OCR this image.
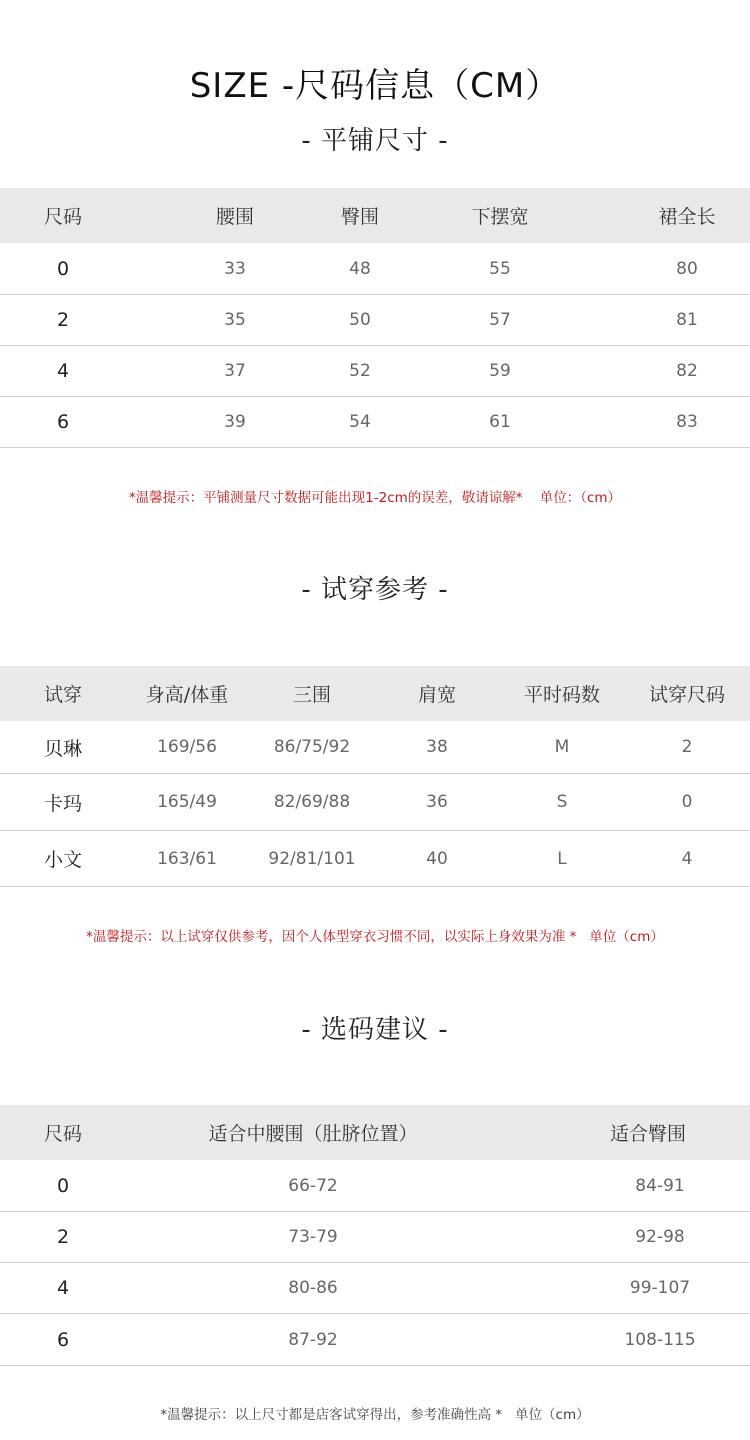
SIZE -尺码信息（CM）
- 平铺尺寸 -
尺码	腰围	臀围	下摆宽	裙全长
0	33	48	55	80
2	35	50	57	81
4	37	52	59	82
6	39	54	61	83
*温馨提示：平铺测量尺寸数据可能出现1-2cm的误差，敬请谅解*    单位：（cm）
- 试穿参考 -
试穿	身高/体重	三围	肩宽	平时码数	试穿尺码
贝琳	169/56	86/75/92	38	M	2
卡玛	165/49	82/69/88	36	S	0
小文	163/61	92/81/101	40	L	4
*温馨提示：以上试穿仅供参考，因个人体型穿衣习惯不同，以实际上身效果为准 *   单位（cm）
- 选码建议 -
尺码	适合中腰围（肚脐位置）	适合臀围
0	66-72	84-91
2	73-79	92-98
4	80-86	99-107
6	87-92	108-115
*温馨提示：以上尺寸都是店客试穿得出，参考准确性高 *   单位（cm）
